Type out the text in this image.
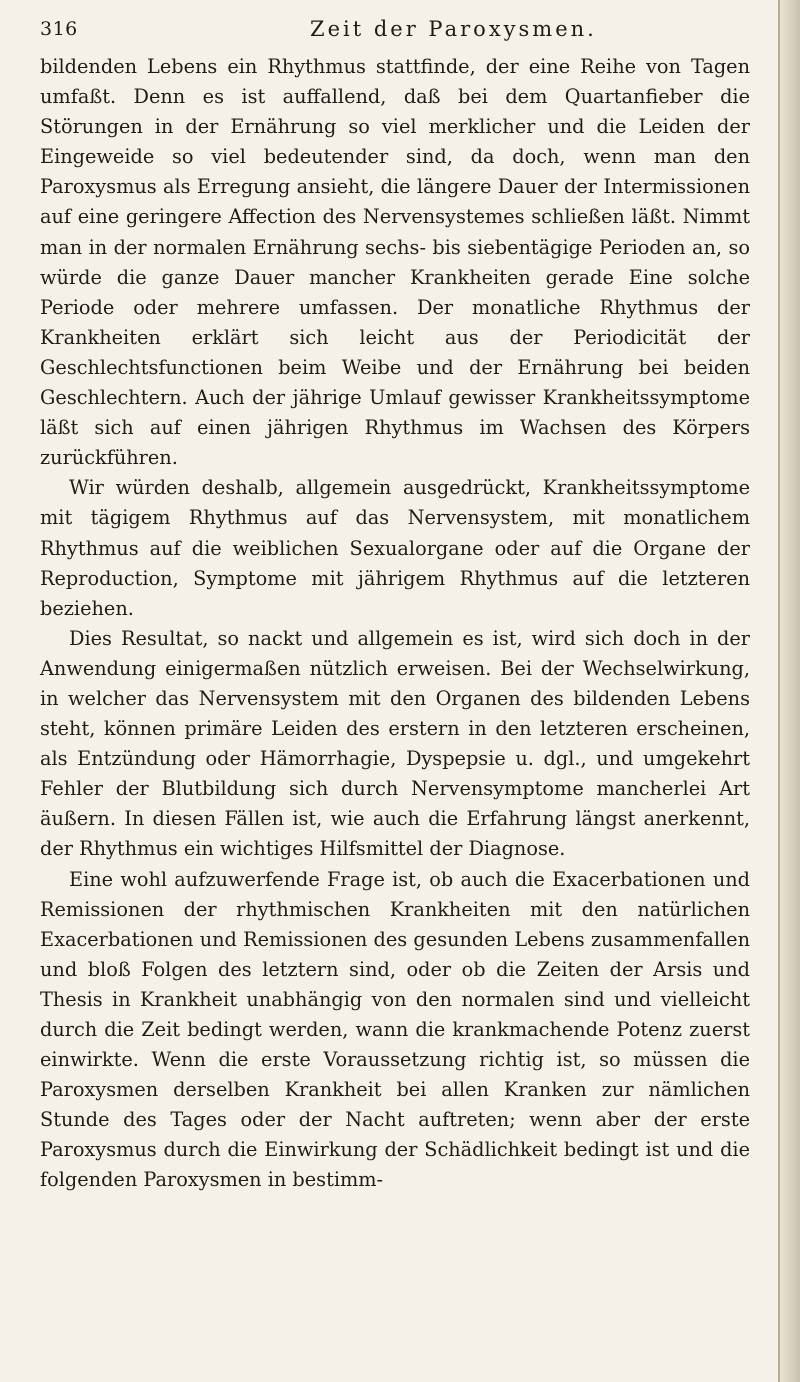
316	Zeit der Paroxysmen.

bildenden Lebens ein Rhythmus stattfinde, der eine Reihe von Tagen umfaßt. Denn es ist auffallend, daß bei dem Quartanfieber die Störungen in der Ernährung so viel merklicher und die Leiden der Eingeweide so viel bedeutender sind, da doch, wenn man den Paroxysmus als Erregung ansieht, die längere Dauer der Intermissionen auf eine geringere Affection des Nervensystemes schließen läßt. Nimmt man in der normalen Ernährung sechs- bis siebentägige Perioden an, so würde die ganze Dauer mancher Krankheiten gerade Eine solche Periode oder mehrere umfassen. Der monatliche Rhythmus der Krankheiten erklärt sich leicht aus der Periodicität der Geschlechtsfunctionen beim Weibe und der Ernährung bei beiden Geschlechtern. Auch der jährige Umlauf gewisser Krankheitssymptome läßt sich auf einen jährigen Rhythmus im Wachsen des Körpers zurückführen.

Wir würden deshalb, allgemein ausgedrückt, Krankheitssymptome mit tägigem Rhythmus auf das Nervensystem, mit monatlichem Rhythmus auf die weiblichen Sexualorgane oder auf die Organe der Reproduction, Symptome mit jährigem Rhythmus auf die letzteren beziehen.

Dies Resultat, so nackt und allgemein es ist, wird sich doch in der Anwendung einigermaßen nützlich erweisen. Bei der Wechselwirkung, in welcher das Nervensystem mit den Organen des bildenden Lebens steht, können primäre Leiden des erstern in den letzteren erscheinen, als Entzündung oder Hämorrhagie, Dyspepsie u. dgl., und umgekehrt Fehler der Blutbildung sich durch Nervensymptome mancherlei Art äußern. In diesen Fällen ist, wie auch die Erfahrung längst anerkennt, der Rhythmus ein wichtiges Hilfsmittel der Diagnose.

Eine wohl aufzuwerfende Frage ist, ob auch die Exacerbationen und Remissionen der rhythmischen Krankheiten mit den natürlichen Exacerbationen und Remissionen des gesunden Lebens zusammenfallen und bloß Folgen des letztern sind, oder ob die Zeiten der Arsis und Thesis in Krankheit unabhängig von den normalen sind und vielleicht durch die Zeit bedingt werden, wann die krankmachende Potenz zuerst einwirkte. Wenn die erste Voraussetzung richtig ist, so müssen die Paroxysmen derselben Krankheit bei allen Kranken zur nämlichen Stunde des Tages oder der Nacht auftreten; wenn aber der erste Paroxysmus durch die Einwirkung der Schädlichkeit bedingt ist und die folgenden Paroxysmen in bestimm-
